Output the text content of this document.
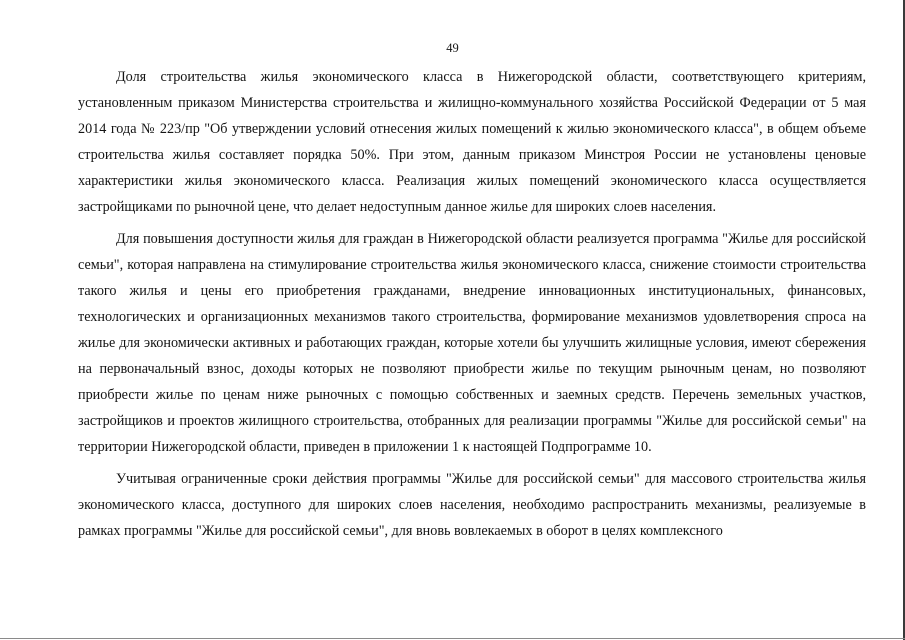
49

Доля строительства жилья экономического класса в Нижегородской области, соответствующего критериям, установленным приказом Министерства строительства и жилищно-коммунального хозяйства Российской Федерации от 5 мая 2014 года № 223/пр "Об утверждении условий отнесения жилых помещений к жилью экономического класса", в общем объеме строительства жилья составляет порядка 50%. При этом, данным приказом Минстроя России не установлены ценовые характеристики жилья экономического класса. Реализация жилых помещений экономического класса осуществляется застройщиками по рыночной цене, что делает недоступным данное жилье для широких слоев населения.

Для повышения доступности жилья для граждан в Нижегородской области реализуется программа "Жилье для российской семьи", которая направлена на стимулирование строительства жилья экономического класса, снижение стоимости строительства такого жилья и цены его приобретения гражданами, внедрение инновационных институциональных, финансовых, технологических и организационных механизмов такого строительства, формирование механизмов удовлетворения спроса на жилье для экономически активных и работающих граждан, которые хотели бы улучшить жилищные условия, имеют сбережения на первоначальный взнос, доходы которых не позволяют приобрести жилье по текущим рыночным ценам, но позволяют приобрести жилье по ценам ниже рыночных с помощью собственных и заемных средств. Перечень земельных участков, застройщиков и проектов жилищного строительства, отобранных для реализации программы "Жилье для российской семьи" на территории Нижегородской области, приведен в приложении 1 к настоящей Подпрограмме 10.

Учитывая ограниченные сроки действия программы "Жилье для российской семьи" для массового строительства жилья экономического класса, доступного для широких слоев населения, необходимо распространить механизмы, реализуемые в рамках программы "Жилье для российской семьи", для вновь вовлекаемых в оборот в целях комплексного
